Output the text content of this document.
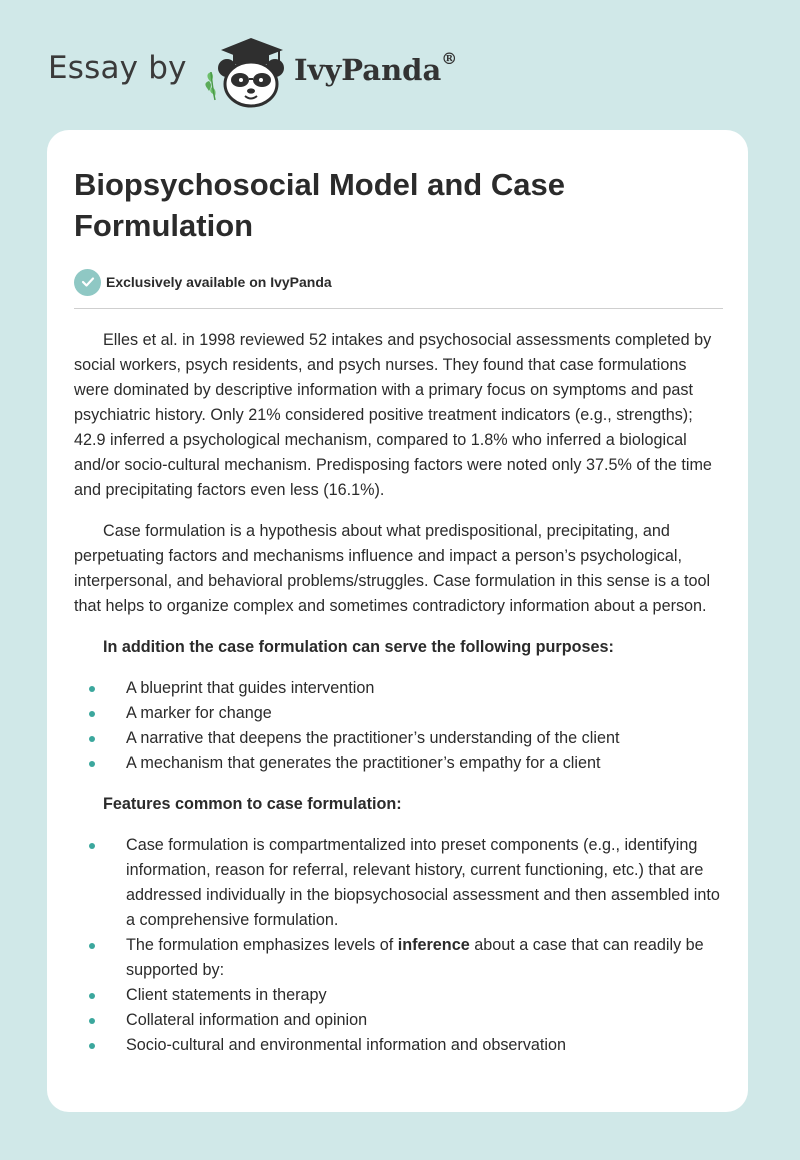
Essay by	IvyPanda®
Biopsychosocial Model and Case Formulation
Exclusively available on IvyPanda

Elles et al. in 1998 reviewed 52 intakes and psychosocial assessments completed by social workers, psych residents, and psych nurses. They found that case formulations were dominated by descriptive information with a primary focus on symptoms and past psychiatric history. Only 21% considered positive treatment indicators (e.g., strengths); 42.9 inferred a psychological mechanism, compared to 1.8% who inferred a biological and/or socio-cultural mechanism. Predisposing factors were noted only 37.5% of the time and precipitating factors even less (16.1%).

Case formulation is a hypothesis about what predispositional, precipitating, and perpetuating factors and mechanisms influence and impact a person’s psychological, interpersonal, and behavioral problems/struggles. Case formulation in this sense is a tool that helps to organize complex and sometimes contradictory information about a person.

In addition the case formulation can serve the following purposes:

A blueprint that guides intervention
A marker for change
A narrative that deepens the practitioner’s understanding of the client
A mechanism that generates the practitioner’s empathy for a client

Features common to case formulation:

Case formulation is compartmentalized into preset components (e.g., identifying information, reason for referral, relevant history, current functioning, etc.) that are addressed individually in the biopsychosocial assessment and then assembled into a comprehensive formulation.
The formulation emphasizes levels of inference about a case that can readily be supported by:
Client statements in therapy
Collateral information and opinion
Socio-cultural and environmental information and observation
